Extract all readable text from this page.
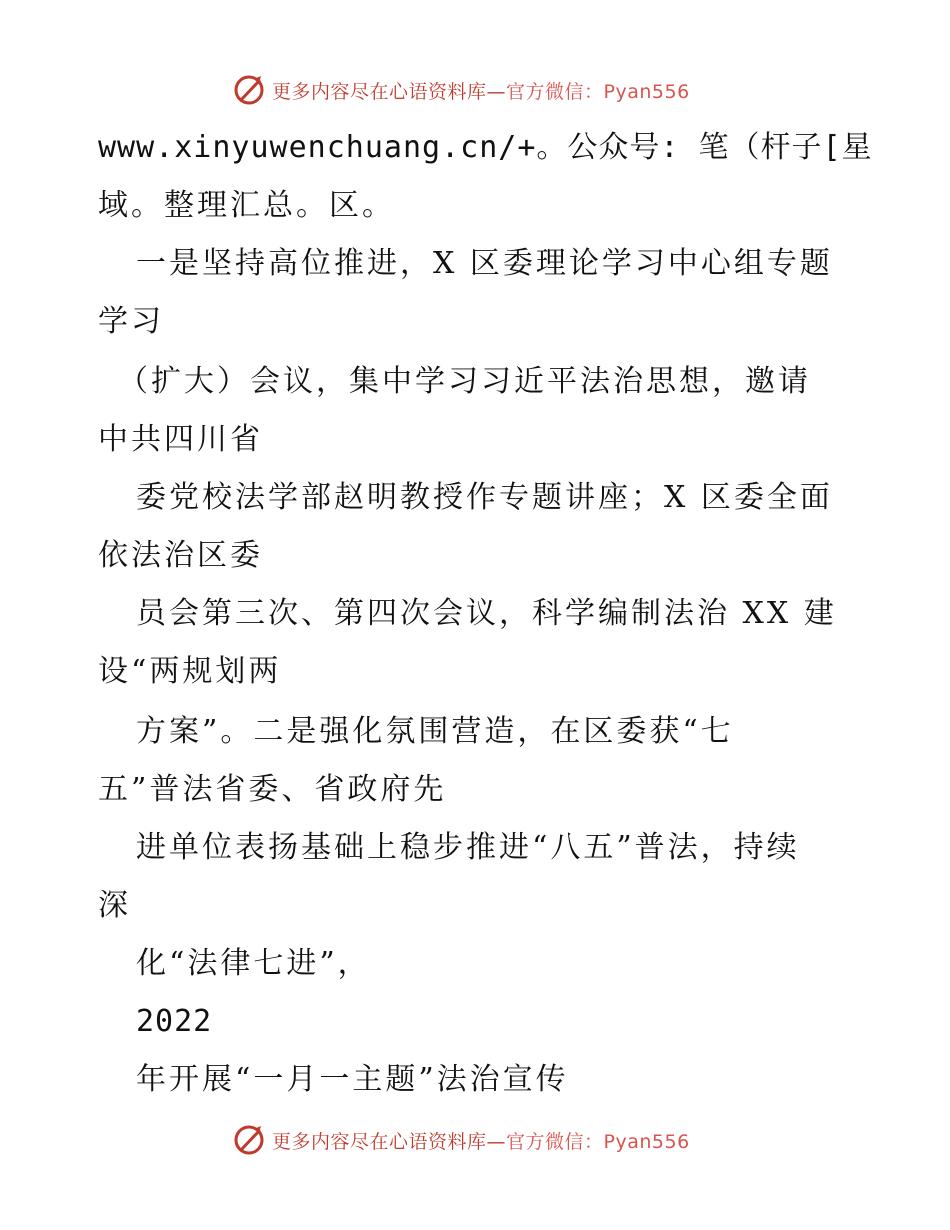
更多内容尽在心语资料库—官方微信：Pyan556
www.xinyuwenchuang.cn/+。公众号: 笔（杆子[星
域。整理汇总。区。
一是坚持高位推进，X 区委理论学习中心组专题
学习
（扩大）会议，集中学习习近平法治思想，邀请
中共四川省
委党校法学部赵明教授作专题讲座；X 区委全面
依法治区委
员会第三次、第四次会议，科学编制法治 XX 建
设“两规划两
方案”。二是强化氛围营造，在区委获“七
五”普法省委、省政府先
进单位表扬基础上稳步推进“八五”普法，持续
深
化“法律七进”，
2022
年开展“一月一主题”法治宣传
更多内容尽在心语资料库—官方微信：Pyan556
